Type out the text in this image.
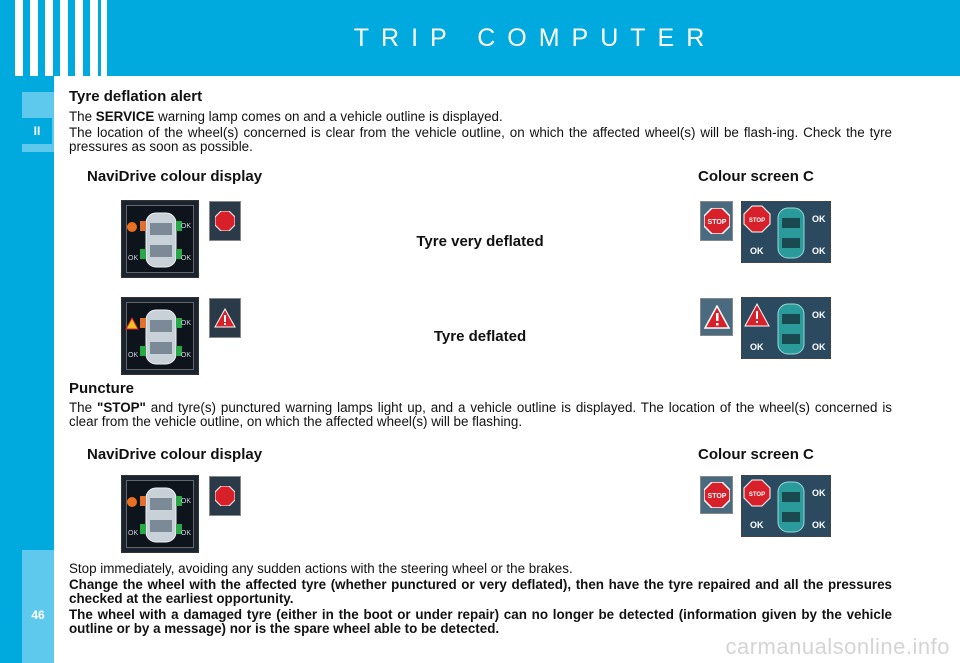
TRIP COMPUTER
II
46
Tyre deflation alert
The SERVICE warning lamp comes on and a vehicle outline is displayed.
The location of the wheel(s) concerned is clear from the vehicle outline, on which the affected wheel(s) will be flash-ing. Check the tyre pressures as soon as possible.
NaviDrive colour display	Colour screen C
OK
OK	OK
Tyre very deflated
STOP	STOP	OK
OK	OK
OK
OK	OK
Tyre deflated
OK
OK	OK
Puncture
The "STOP" and tyre(s) punctured warning lamps light up, and a vehicle outline is displayed. The location of the wheel(s) concerned is clear from the vehicle outline, on which the affected wheel(s) will be flashing.
NaviDrive colour display	Colour screen C
OK
OK	OK
STOP	STOP	OK
OK	OK
Stop immediately, avoiding any sudden actions with the steering wheel or the brakes.
Change the wheel with the affected tyre (whether punctured or very deflated), then have the tyre repaired and all the pressures checked at the earliest opportunity.
The wheel with a damaged tyre (either in the boot or under repair) can no longer be detected (information given by the vehicle outline or by a message) nor is the spare wheel able to be detected.
carmanualsonline.info
